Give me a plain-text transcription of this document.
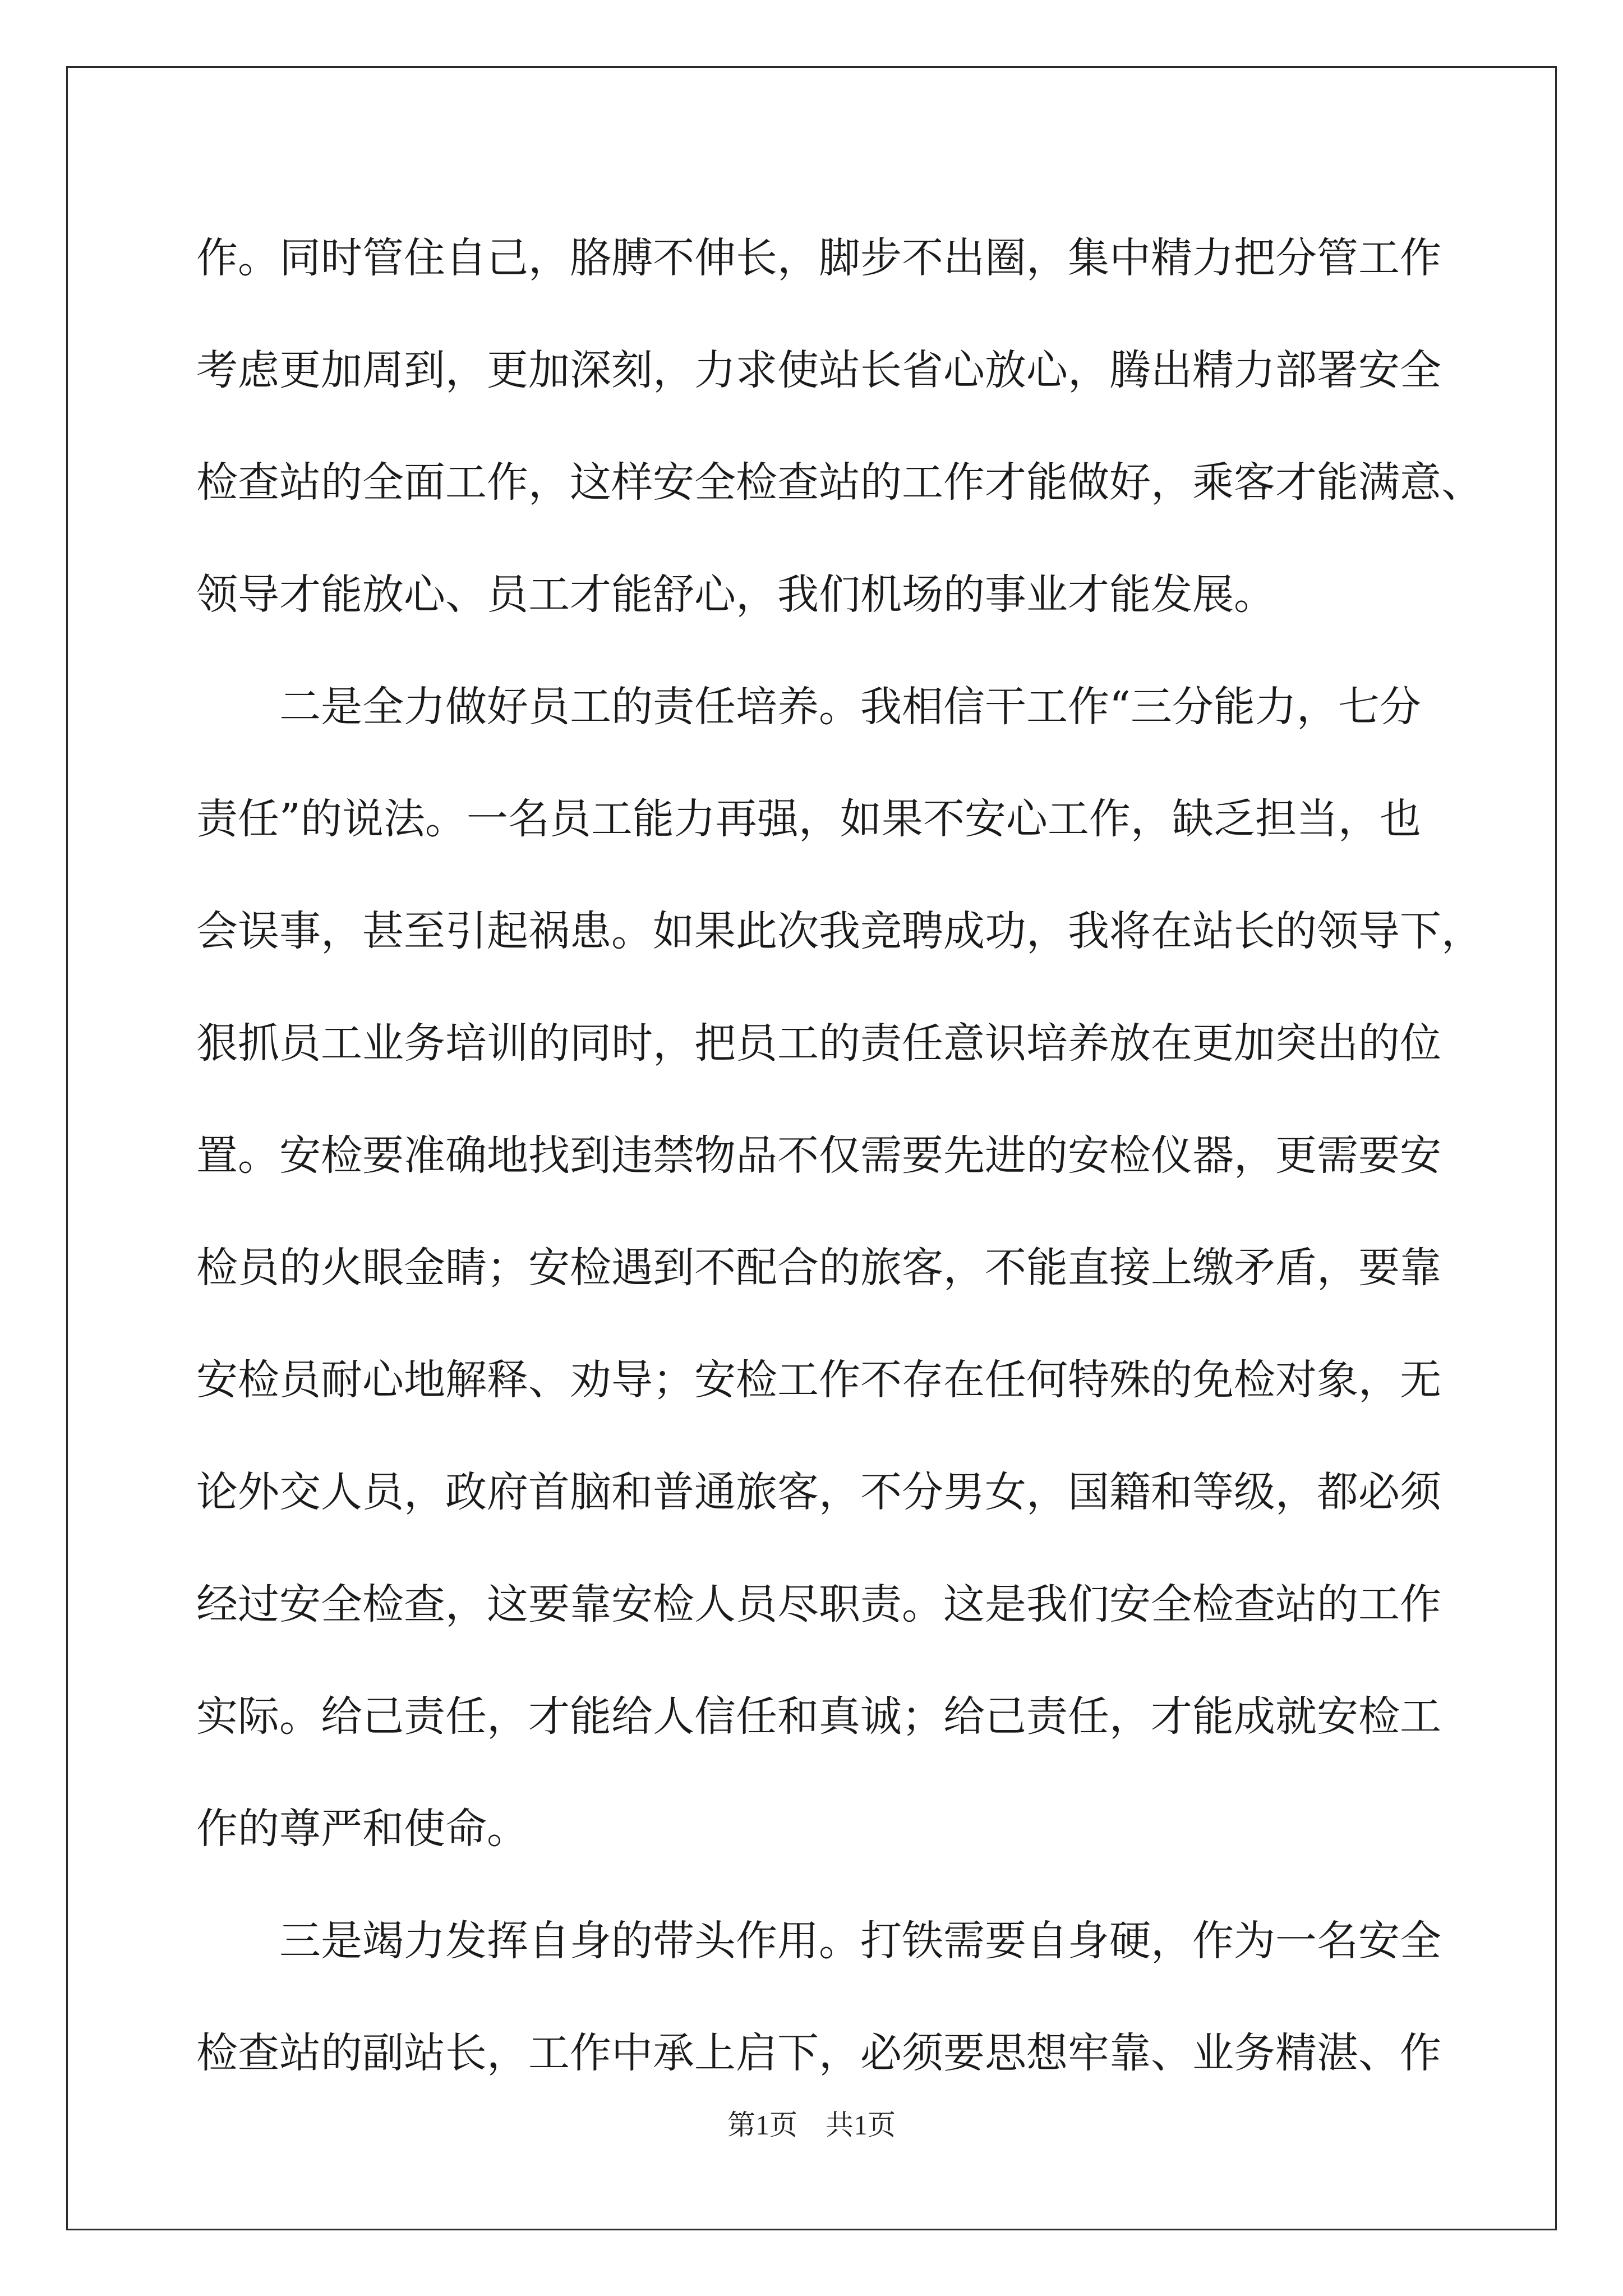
作。同时管住自己，胳膊不伸长，脚步不出圈，集中精力把分管工作
考虑更加周到，更加深刻，力求使站长省心放心，腾出精力部署安全
检查站的全面工作，这样安全检查站的工作才能做好，乘客才能满意、
领导才能放心、员工才能舒心，我们机场的事业才能发展。
二是全力做好员工的责任培养。我相信干工作“三分能力，七分
责任”的说法。一名员工能力再强，如果不安心工作，缺乏担当，也
会误事，甚至引起祸患。如果此次我竞聘成功，我将在站长的领导下，
狠抓员工业务培训的同时，把员工的责任意识培养放在更加突出的位
置。安检要准确地找到违禁物品不仅需要先进的安检仪器，更需要安
检员的火眼金睛；安检遇到不配合的旅客，不能直接上缴矛盾，要靠
安检员耐心地解释、劝导；安检工作不存在任何特殊的免检对象，无
论外交人员，政府首脑和普通旅客，不分男女，国籍和等级，都必须
经过安全检查，这要靠安检人员尽职责。这是我们安全检查站的工作
实际。给己责任，才能给人信任和真诚；给己责任，才能成就安检工
作的尊严和使命。
三是竭力发挥自身的带头作用。打铁需要自身硬，作为一名安全
检查站的副站长，工作中承上启下，必须要思想牢靠、业务精湛、作
第1页 共1页
